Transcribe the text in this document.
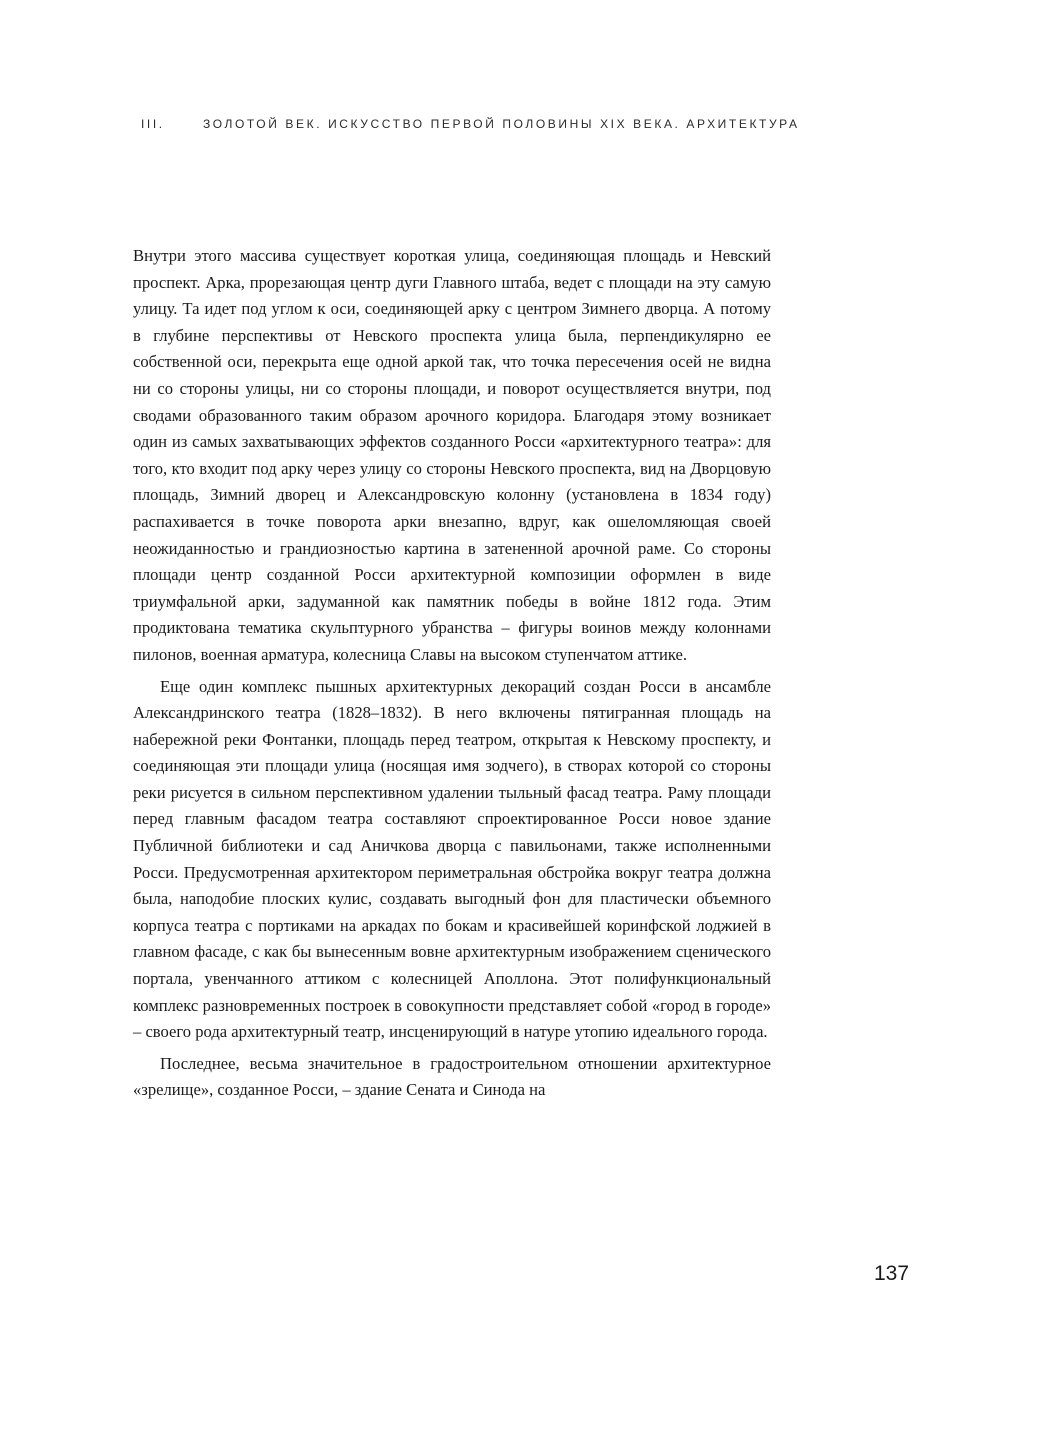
III.	ЗОЛОТОЙ ВЕК. ИСКУССТВО ПЕРВОЙ ПОЛОВИНЫ XIX ВЕКА. АРХИТЕКТУРА

Внутри этого массива существует короткая улица, соединяющая площадь и Невский проспект. Арка, прорезающая центр дуги Главного штаба, ведет с площади на эту самую улицу. Та идет под углом к оси, соединяющей арку с центром Зимнего дворца. А потому в глубине перспективы от Невского проспекта улица была, перпендикулярно ее собственной оси, перекрыта еще одной аркой так, что точка пересечения осей не видна ни со стороны улицы, ни со стороны площади, и поворот осуществляется внутри, под сводами образованного таким образом арочного коридора. Благодаря этому возникает один из самых захватывающих эффектов созданного Росси «архитектурного театра»: для того, кто входит под арку через улицу со стороны Невского проспекта, вид на Дворцовую площадь, Зимний дворец и Александровскую колонну (установлена в 1834 году) распахивается в точке поворота арки внезапно, вдруг, как ошеломляющая своей неожиданностью и грандиозностью картина в затененной арочной раме. Со стороны площади центр созданной Росси архитектурной композиции оформлен в виде триумфальной арки, задуманной как памятник победы в войне 1812 года. Этим продиктована тематика скульптурного убранства – фигуры воинов между колоннами пилонов, военная арматура, колесница Славы на высоком ступенчатом аттике.

Еще один комплекс пышных архитектурных декораций создан Росси в ансамбле Александринского театра (1828–1832). В него включены пятигранная площадь на набережной реки Фонтанки, площадь перед театром, открытая к Невскому проспекту, и соединяющая эти площади улица (носящая имя зодчего), в створах которой со стороны реки рисуется в сильном перспективном удалении тыльный фасад театра. Раму площади перед главным фасадом театра составляют спроектированное Росси новое здание Публичной библиотеки и сад Аничкова дворца с павильонами, также исполненными Росси. Предусмотренная архитектором периметральная обстройка вокруг театра должна была, наподобие плоских кулис, создавать выгодный фон для пластически объемного корпуса театра с портиками на аркадах по бокам и красивейшей коринфской лоджией в главном фасаде, с как бы вынесенным вовне архитектурным изображением сценического портала, увенчанного аттиком с колесницей Аполлона. Этот полифункциональный комплекс разновременных построек в совокупности представляет собой «город в городе» – своего рода архитектурный театр, инсценирующий в натуре утопию идеального города.

Последнее, весьма значительное в градостроительном отношении архитектурное «зрелище», созданное Росси, – здание Сената и Синода на

137
